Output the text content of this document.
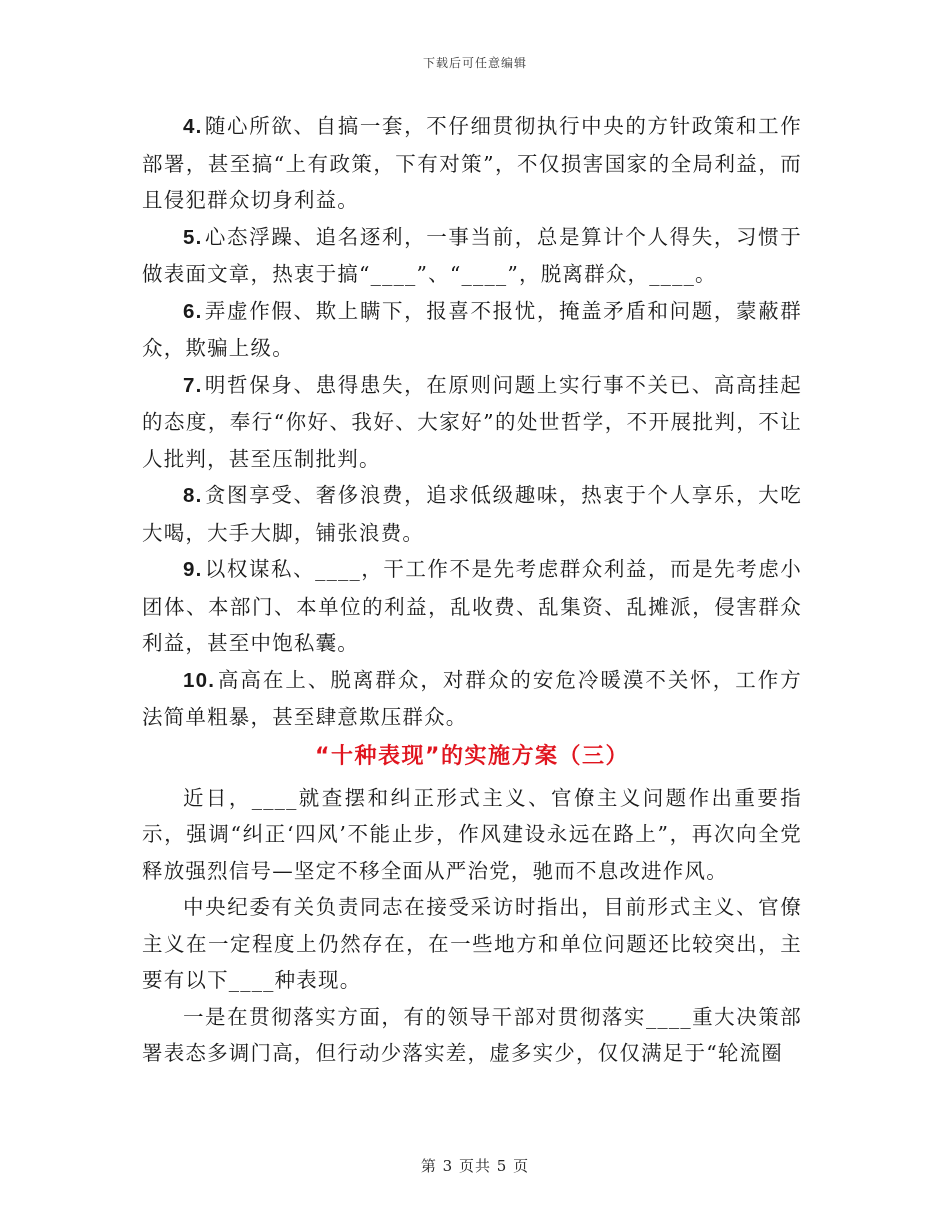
下载后可任意编辑

4.随心所欲、自搞一套，不仔细贯彻执行中央的方针政策和工作部署，甚至搞“上有政策，下有对策”，不仅损害国家的全局利益，而且侵犯群众切身利益。

5.心态浮躁、追名逐利，一事当前，总是算计个人得失，习惯于做表面文章，热衷于搞“____”、“____”，脱离群众，____。

6.弄虚作假、欺上瞒下，报喜不报忧，掩盖矛盾和问题，蒙蔽群众，欺骗上级。

7.明哲保身、患得患失，在原则问题上实行事不关已、高高挂起的态度，奉行“你好、我好、大家好”的处世哲学，不开展批判，不让人批判，甚至压制批判。

8.贪图享受、奢侈浪费，追求低级趣味，热衷于个人享乐，大吃大喝，大手大脚，铺张浪费。

9.以权谋私、____，干工作不是先考虑群众利益，而是先考虑小团体、本部门、本单位的利益，乱收费、乱集资、乱摊派，侵害群众利益，甚至中饱私囊。

10.高高在上、脱离群众，对群众的安危冷暖漠不关怀，工作方法简单粗暴，甚至肆意欺压群众。

“十种表现”的实施方案（三）

近日，____就查摆和纠正形式主义、官僚主义问题作出重要指示，强调“纠正‘四风’不能止步，作风建设永远在路上”，再次向全党释放强烈信号—坚定不移全面从严治党，驰而不息改进作风。

中央纪委有关负责同志在接受采访时指出，目前形式主义、官僚主义在一定程度上仍然存在，在一些地方和单位问题还比较突出，主要有以下____种表现。

一是在贯彻落实方面，有的领导干部对贯彻落实____重大决策部署表态多调门高，但行动少落实差，虚多实少，仅仅满足于“轮流圈

第 3 页共 5 页
